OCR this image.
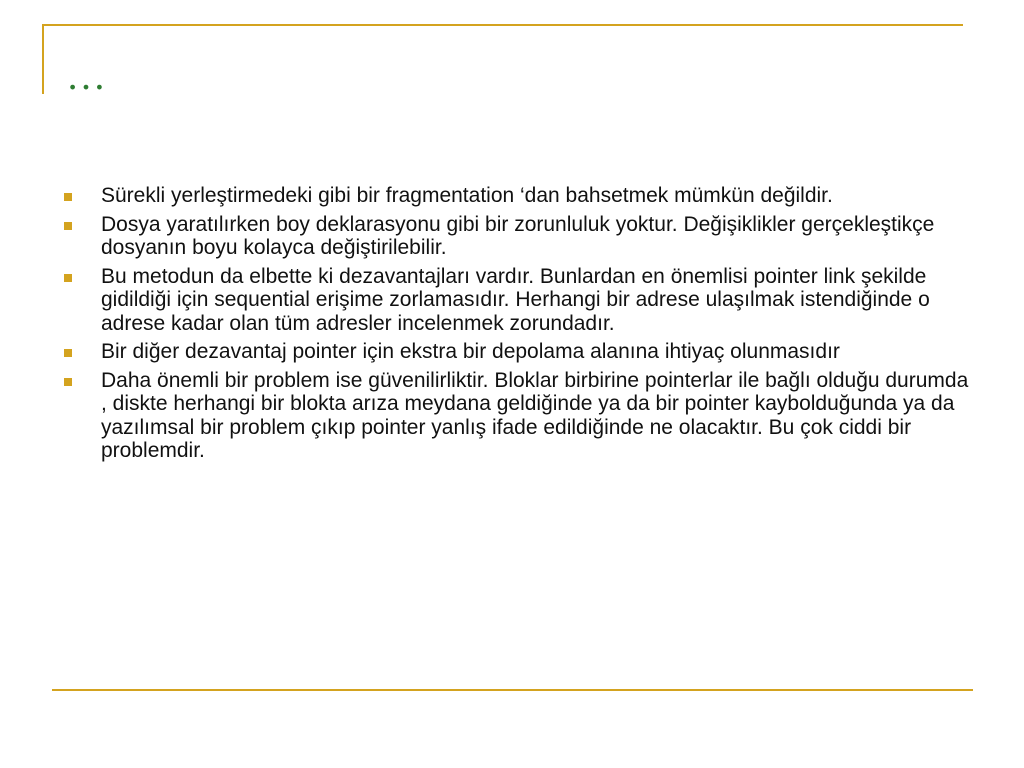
…
Sürekli yerleştirmedeki gibi bir fragmentation ‘dan bahsetmek mümkün değildir.
Dosya yaratılırken boy deklarasyonu gibi bir zorunluluk yoktur. Değişiklikler gerçekleştikçe dosyanın boyu kolayca değiştirilebilir.
Bu metodun da elbette ki dezavantajları vardır. Bunlardan en önemlisi pointer link şekilde gidildiği için sequential erişime zorlamasıdır. Herhangi bir adrese ulaşılmak istendiğinde o adrese kadar olan tüm adresler incelenmek zorundadır.
Bir diğer dezavantaj pointer için ekstra bir depolama alanına ihtiyaç olunmasıdır
Daha önemli bir problem ise güvenilirliktir. Bloklar birbirine pointerlar ile bağlı olduğu durumda , diskte herhangi bir blokta arıza meydana geldiğinde ya da bir pointer kaybolduğunda ya da yazılımsal bir problem çıkıp pointer yanlış ifade edildiğinde ne olacaktır. Bu çok ciddi bir problemdir.
